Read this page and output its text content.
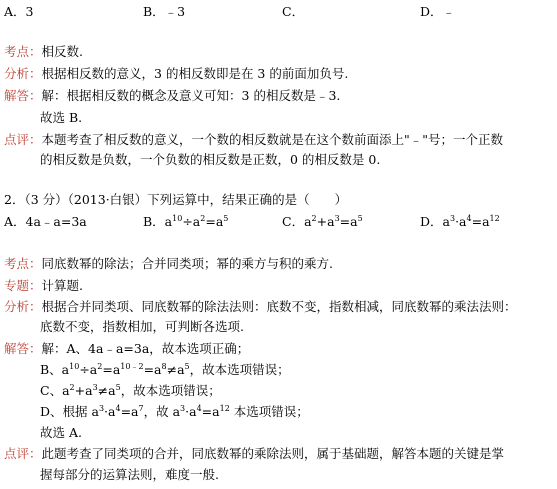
A．3	B．﹣3	C．	D．﹣
考点：相反数.
分析：根据相反数的意义，3 的相反数即是在 3 的前面加负号.
解答：解：根据相反数的概念及意义可知：3 的相反数是﹣3.
故选 B.
点评：本题考查了相反数的意义，一个数的相反数就是在这个数前面添上"﹣"号；一个正数
的相反数是负数，一个负数的相反数是正数，0 的相反数是 0.
2．（3 分）（2013·白银）下列运算中，结果正确的是（　　）
A．4a﹣a=3a	B．$a^{10}\div a^2=a^5$	C．$a^2+a^3=a^5$	D．$a^3\cdot a^4=a^{12}$
考点：同底数幂的除法；合并同类项；幂的乘方与积的乘方.
专题：计算题.
分析：根据合并同类项、同底数幂的除法法则：底数不变，指数相减，同底数幂的乘法法则：
底数不变，指数相加，可判断各选项.
解答：解：A、4a﹣a=3a，故本选项正确；
B、$a^{10}\div a^2=a^{10﹣2}=a^8\ne a^5$，故本选项错误；
C、$a^2+a^3\ne a^5$，故本选项错误；
D、根据 $a^3\cdot a^4=a^7$，故 $a^3\cdot a^4=a^{12}$ 本选项错误；
故选 A.
点评：此题考查了同类项的合并，同底数幂的乘除法则，属于基础题，解答本题的关键是掌
握每部分的运算法则，难度一般.
